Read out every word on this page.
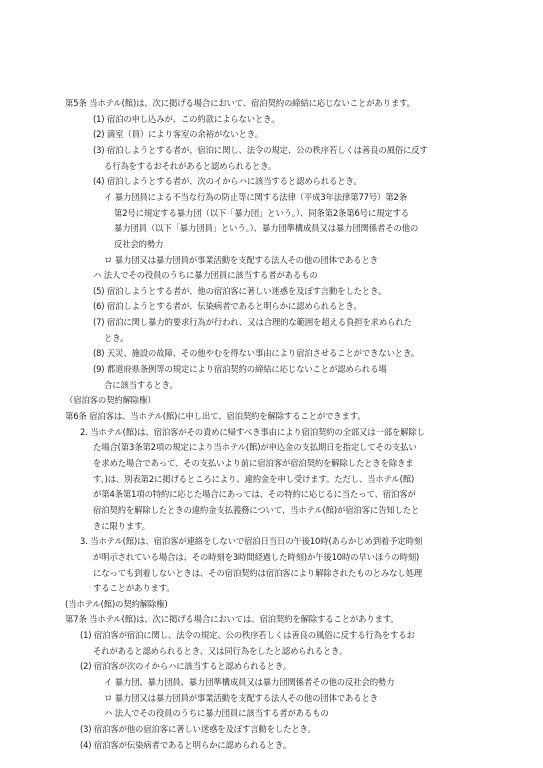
第5条 当ホテル(館)は、次に掲げる場合において、宿泊契約の締結に応じないことがあります。
(1) 宿泊の申し込みが、この約款によらないとき。
(2) 満室（員）により客室の余裕がないとき。
(3) 宿泊しようとする者が、宿泊に関し、法令の規定、公の秩序若しくは善良の風俗に反す
る行為をするおそれがあると認められるとき。
(4) 宿泊しようとする者が、次のイからハに該当すると認められるとき。
イ 暴力団員による不当な行為の防止等に関する法律（平成3年法律第77号）第2条
第2号に規定する暴力団（以下「暴力団」という。）、同条第2条第6号に規定する
暴力団員（以下「暴力団員」という。）、暴力団準構成員又は暴力団関係者その他の
反社会的勢力
ロ 暴力団又は暴力団員が事業活動を支配する法人その他の団体であるとき
ハ 法人でその役員のうちに暴力団員に該当する者があるもの
(5) 宿泊しようとする者が、他の宿泊客に著しい迷惑を及ぼす言動をしたとき。
(6) 宿泊しようとする者が、伝染病者であると明らかに認められるとき。
(7) 宿泊に関し暴力的要求行為が行われ、又は合理的な範囲を超える負担を求められた
とき。
(8) 天災、施設の故障、その他やむを得ない事由により宿泊させることができないとき。
(9) 都道府県条例等の規定により宿泊契約の締結に応じないことが認められる場
合に該当するとき。
（宿泊客の契約解除権）
第6条 宿泊客は、当ホテル(館)に申し出て、宿泊契約を解除することができます。
2. 当ホテル(館)は、宿泊客がその責めに帰すべき事由により宿泊契約の全部又は一部を解除し
た場合(第3条第2項の規定により当ホテル(館)が申込金の支払期日を指定してその支払い
を求めた場合であって、その支払いより前に宿泊客が宿泊契約を解除したときを除きま
す。)は、別表第2に掲げるところにより、違約金を申し受けます。ただし、当ホテル(館)
が第4条第1項の特約に応じた場合にあっては、その特約に応じるに当たって、宿泊客が
宿泊契約を解除したときの違約金支払義務について、当ホテル(館)が宿泊客に告知したと
きに限ります。
3. 当ホテル(館)は、宿泊客が連絡をしないで宿泊日当日の午後10時(あらかじめ到着予定時刻
が明示されている場合は、その時刻を3時間経過した時刻)か午後10時の早いほうの時刻)
になっても到着しないときは、その宿泊契約は宿泊客により解除されたものとみなし処理
することがあります。
(当ホテル(館)の契約解除権)
第7条 当ホテル(館)は、次に掲げる場合においては、宿泊契約を解除することがあります。
(1) 宿泊客が宿泊に関し、法令の規定、公の秩序若しくは善良の風俗に反する行為をするお
それがあると認められるとき、又は同行為をしたと認められるとき。
(2) 宿泊客が次のイからハに該当すると認められるとき。
イ 暴力団、暴力団員、暴力団準構成員又は暴力団関係者その他の反社会的勢力
ロ 暴力団又は暴力団員が事業活動を支配する法人その他の団体であるとき
ハ 法人でその役員のうちに暴力団員に該当する者があるもの
(3) 宿泊客が他の宿泊客に著しい迷惑を及ぼす言動をしたとき。
(4) 宿泊客が伝染病者であると明らかに認められるとき。
